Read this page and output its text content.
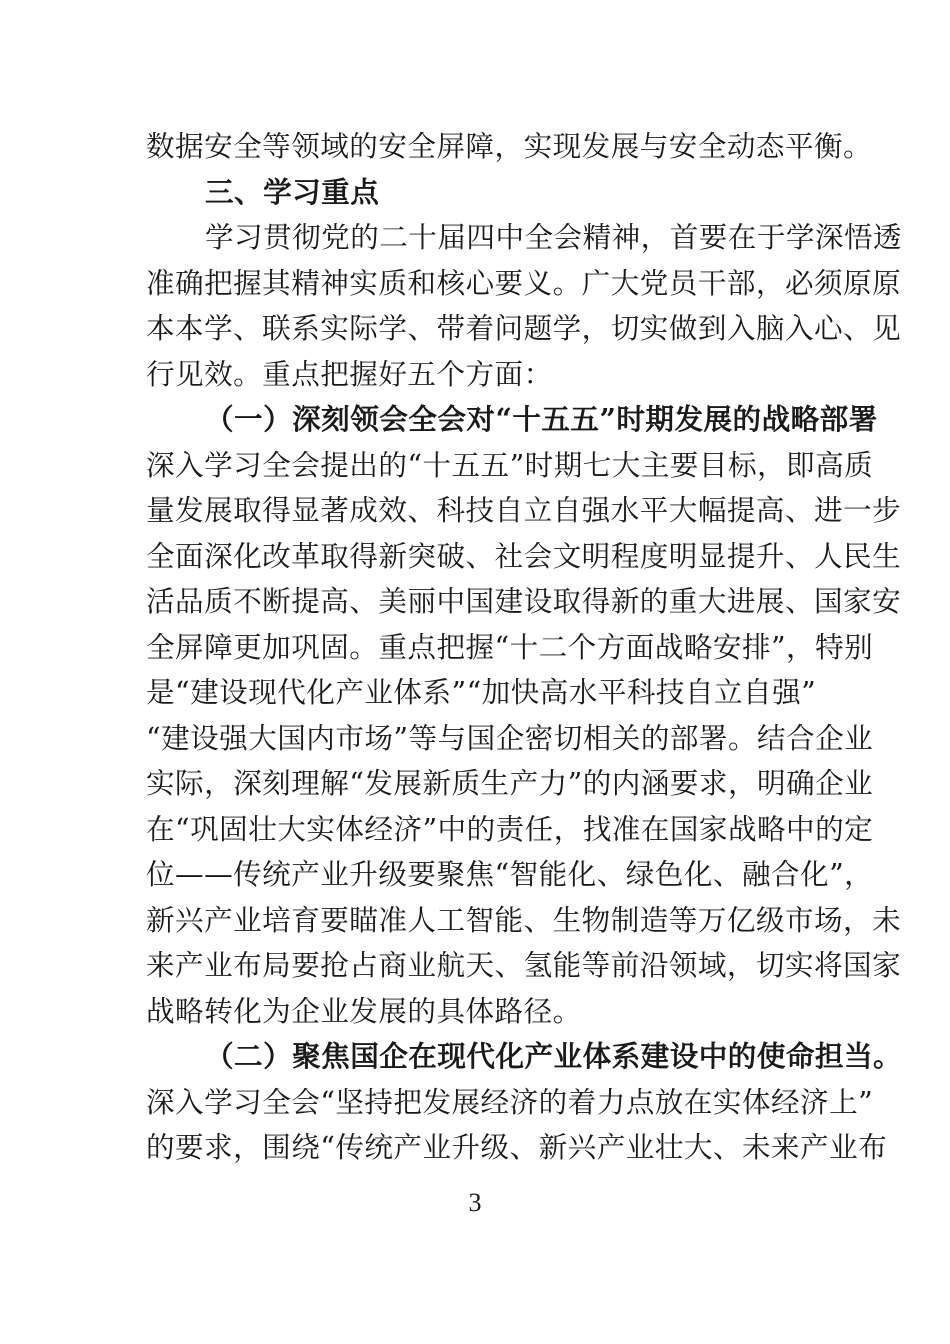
数据安全等领域的安全屏障，实现发展与安全动态平衡。
三、学习重点
学习贯彻党的二十届四中全会精神，首要在于学深悟透
准确把握其精神实质和核心要义。广大党员干部，必须原原
本本学、联系实际学、带着问题学，切实做到入脑入心、见
行见效。重点把握好五个方面：
（一）深刻领会全会对“十五五”时期发展的战略部署
深入学习全会提出的“十五五”时期七大主要目标，即高质
量发展取得显著成效、科技自立自强水平大幅提高、进一步
全面深化改革取得新突破、社会文明程度明显提升、人民生
活品质不断提高、美丽中国建设取得新的重大进展、国家安
全屏障更加巩固。重点把握“十二个方面战略安排”，特别
是“建设现代化产业体系”“加快高水平科技自立自强”
“建设强大国内市场”等与国企密切相关的部署。结合企业
实际，深刻理解“发展新质生产力”的内涵要求，明确企业
在“巩固壮大实体经济”中的责任，找准在国家战略中的定
位——传统产业升级要聚焦“智能化、绿色化、融合化”，
新兴产业培育要瞄准人工智能、生物制造等万亿级市场，未
来产业布局要抢占商业航天、氢能等前沿领域，切实将国家
战略转化为企业发展的具体路径。
（二）聚焦国企在现代化产业体系建设中的使命担当。
深入学习全会“坚持把发展经济的着力点放在实体经济上”
的要求，围绕“传统产业升级、新兴产业壮大、未来产业布
3
